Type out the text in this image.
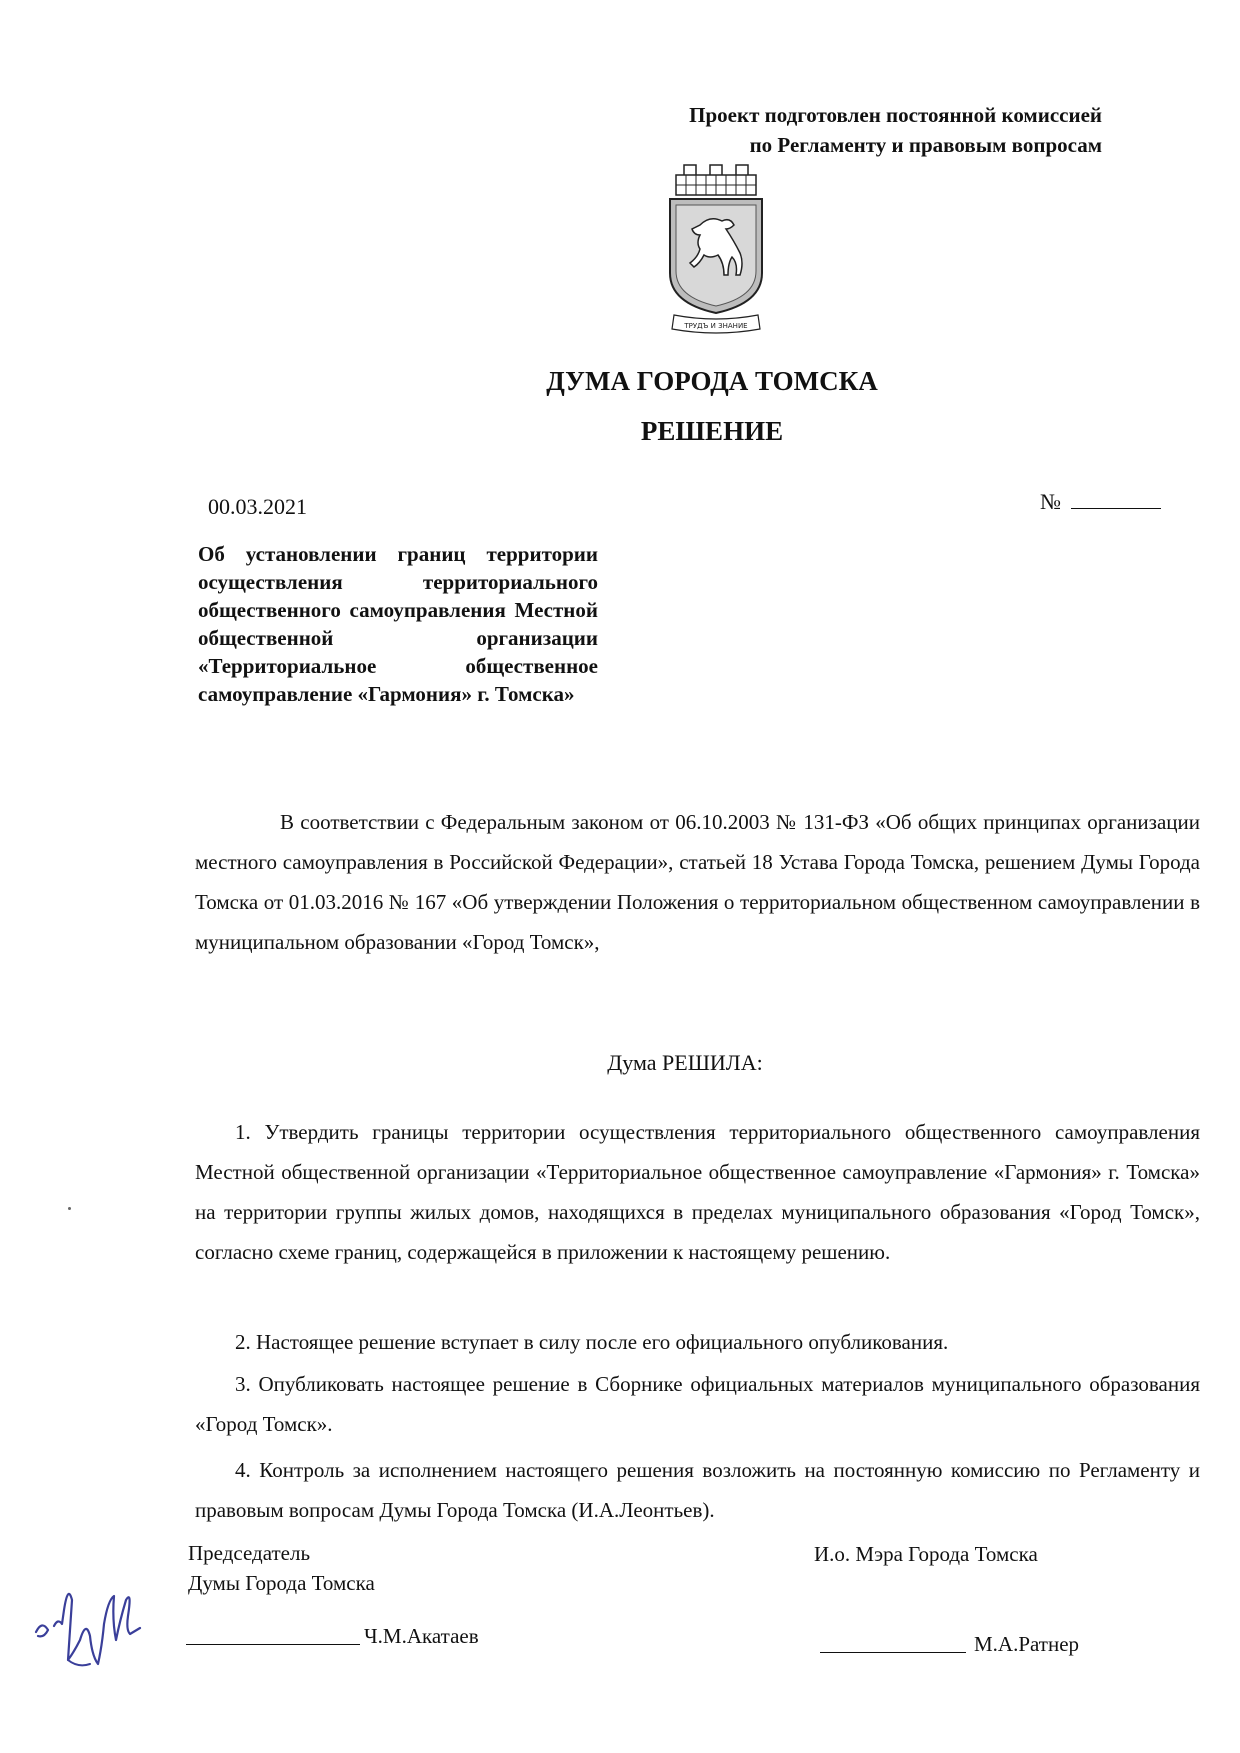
Проект подготовлен постоянной комиссией
по Регламенту и правовым вопросам
ТРУДЪ И ЗНАНИЕ
ДУМА ГОРОДА ТОМСКА
РЕШЕНИЕ
00.03.2021	№
Об установлении границ территории осуществления территориального общественного самоуправления Местной общественной организации «Территориальное общественное самоуправление «Гармония» г. Томска»
В соответствии с Федеральным законом от 06.10.2003 № 131-ФЗ «Об общих принципах организации местного самоуправления в Российской Федерации», статьей 18 Устава Города Томска, решением Думы Города Томска от 01.03.2016 № 167 «Об утверждении Положения о территориальном общественном самоуправлении в муниципальном образовании «Город Томск»,
Дума РЕШИЛА:
1. Утвердить границы территории осуществления территориального общественного самоуправления Местной общественной организации «Территориальное общественное самоуправление «Гармония» г. Томска» на территории группы жилых домов, находящихся в пределах муниципального образования «Город Томск», согласно схеме границ, содержащейся в приложении к настоящему решению.
2. Настоящее решение вступает в силу после его официального опубликования.
3. Опубликовать настоящее решение в Сборнике официальных материалов муниципального образования «Город Томск».
4. Контроль за исполнением настоящего решения возложить на постоянную комиссию по Регламенту и правовым вопросам Думы Города Томска (И.А.Леонтьев).
Председатель
Думы Города Томска
И.о. Мэра Города Томска
Ч.М.Акатаев	М.А.Ратнер
